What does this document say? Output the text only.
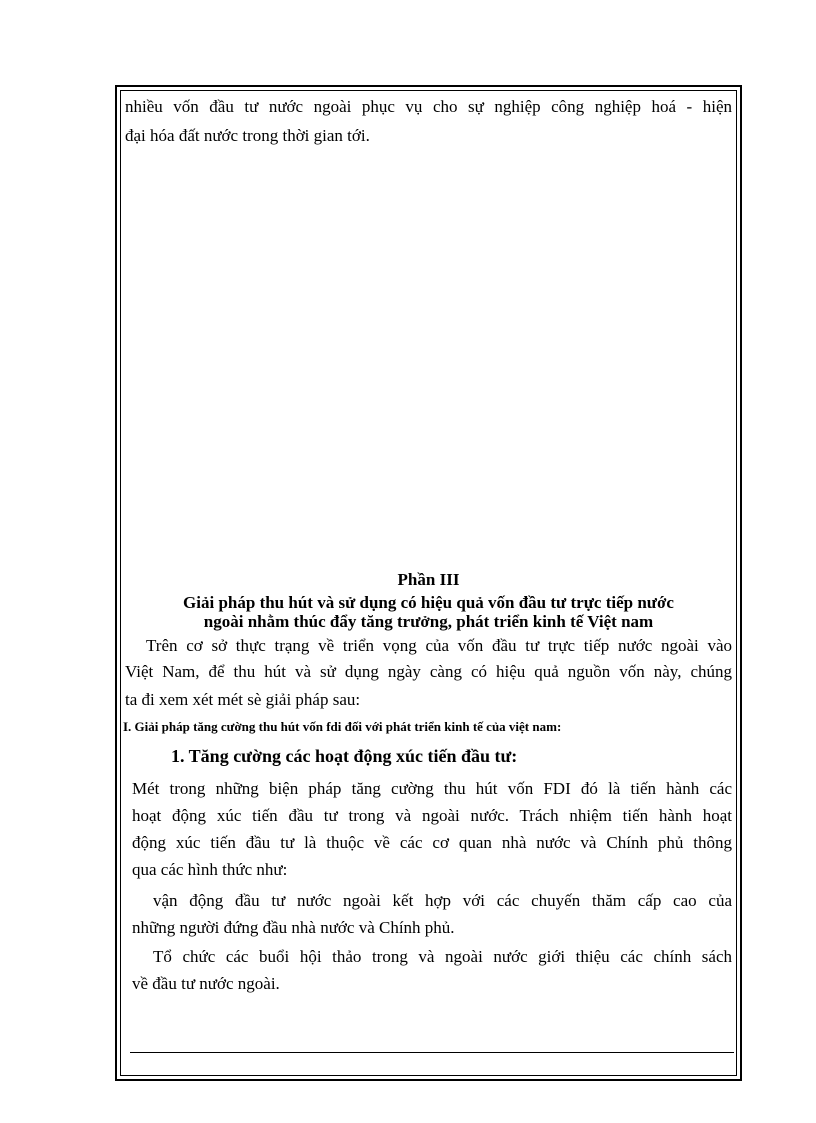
nhiều vốn đầu tư nước ngoài phục vụ cho sự nghiệp công nghiệp hoá - hiện
đại hóa đất nước trong thời gian tới.
Phần III
Giải pháp thu hút và sử dụng có hiệu quả vốn đầu tư trực tiếp nước
ngoài nhằm thúc đẩy tăng trưởng, phát triển kinh tế Việt nam
Trên cơ sở thực trạng về triển vọng của vốn đầu tư trực tiếp nước ngoài vào
Việt Nam, để thu hút và sử dụng ngày càng có hiệu quả nguồn vốn này, chúng
ta đi xem xét mét sè giải pháp sau:
I. Giải pháp tăng cường thu hút vốn fdi đối với phát triển kinh tế của việt nam:
1. Tăng cường các hoạt động xúc tiến đầu tư:
Mét trong những biện pháp tăng cường thu hút vốn FDI đó là tiến hành các
hoạt động xúc tiến đầu tư trong và ngoài nước. Trách nhiệm tiến hành hoạt
động xúc tiến đầu tư là thuộc về các cơ quan nhà nước và Chính phủ thông
qua các hình thức như:
vận động đầu tư nước ngoài kết hợp với các chuyến thăm cấp cao của
những người đứng đầu nhà nước và Chính phủ.
Tổ chức các buổi hội thảo trong và ngoài nước giới thiệu các chính sách
về đầu tư nước ngoài.
